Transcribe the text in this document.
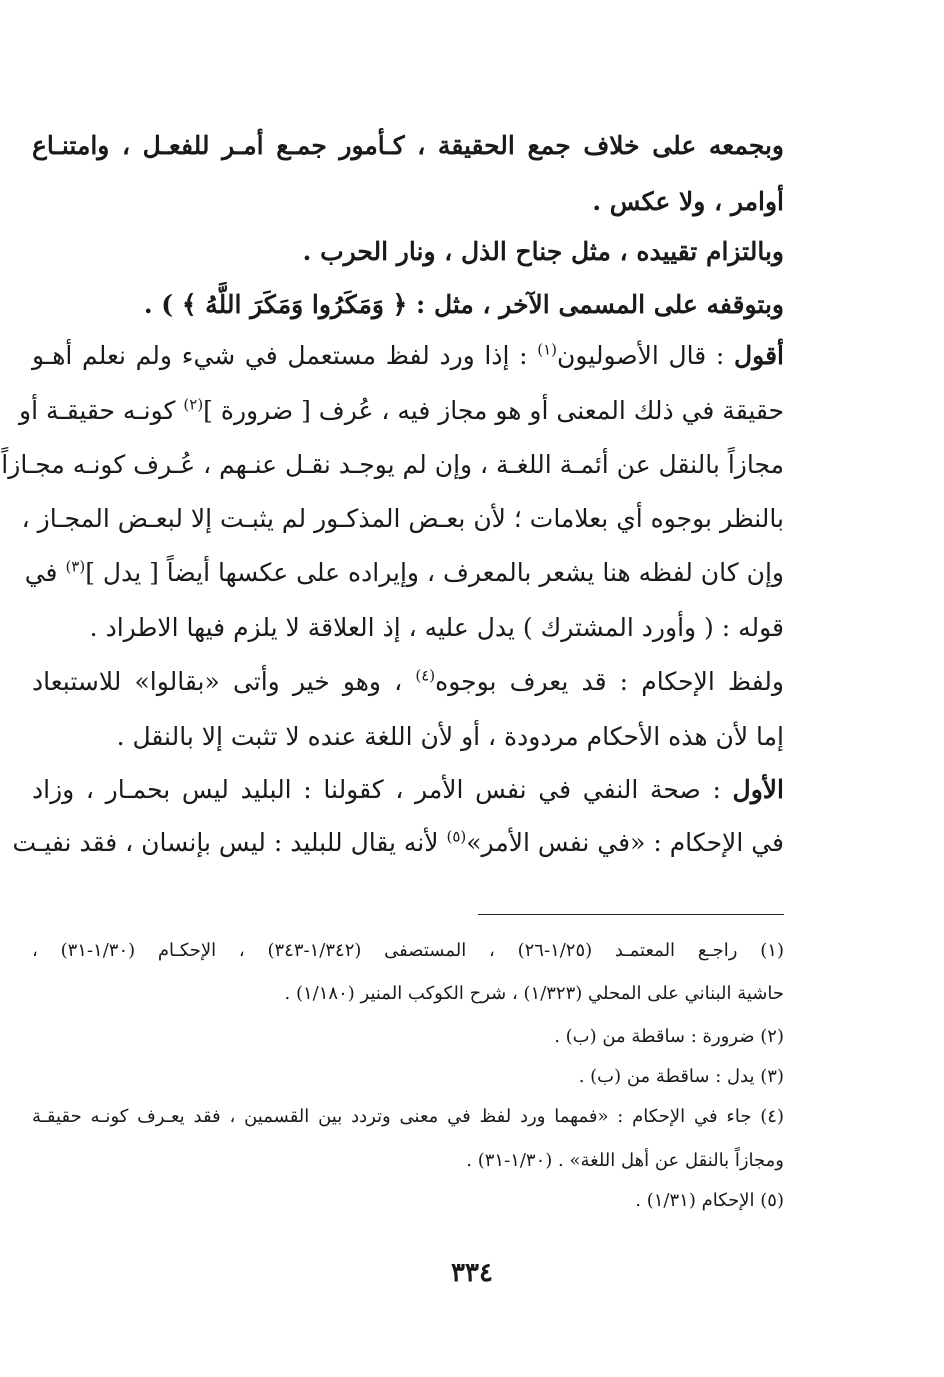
وبجمعه على خلاف جمع الحقيقة ، كـأمور جمـع أمـر للفعـل ، وامتنـاع
أوامر ، ولا عكس .
وبالتزام تقييده ، مثل جناح الذل ، ونار الحرب .
وبتوقفه على المسمى الآخر ، مثل : ﴿ وَمَكَرُوا وَمَكَرَ اللَّهُ ﴾ ) .
أقول : قال الأصوليون$^{(١)}$ : إذا ورد لفظ مستعمل في شيء ولم نعلم أهـو
حقيقة في ذلك المعنى أو هو مجاز فيه ، عُرف [ ضرورة ]$^{(٢)}$ كونـه حقيقـة أو
مجازاً بالنقل عن أئمـة اللغـة ، وإن لم يوجـد نقـل عنـهم ، عُـرف كونـه مجـازاً
بالنظر بوجوه أي بعلامات ؛ لأن بعـض المذكـور لم يثبـت إلا لبعـض المجـاز ،
وإن كان لفظه هنا يشعر بالمعرف ، وإيراده على عكسها أيضاً [ يدل ]$^{(٣)}$ في
قوله : ( وأورد المشترك ) يدل عليه ، إذ العلاقة لا يلزم فيها الاطراد .
ولفظ الإحكام : قد يعرف بوجوه$^{(٤)}$ ، وهو خير وأتى «بقالوا» للاستبعاد
إما لأن هذه الأحكام مردودة ، أو لأن اللغة عنده لا تثبت إلا بالنقل .
الأول : صحة النفي في نفس الأمر ، كقولنا : البليد ليس بحمـار ، وزاد
في الإحكام : «في نفس الأمر»$^{(٥)}$ لأنه يقال للبليد : ليس بإنسان ، فقد نفيـت
(١) راجـع المعتمـد (١/٢٥-٢٦) ، المستصفى (١/٣٤٢-٣٤٣) ، الإحكـام (١/٣٠-٣١) ،
حاشية البناني على المحلي (١/٣٢٣) ، شرح الكوكب المنير (١/١٨٠) .
(٢) ضرورة : ساقطة من (ب) .
(٣) يدل : ساقطة من (ب) .
(٤) جاء في الإحكام : «فمهما ورد لفظ في معنى وتردد بين القسمين ، فقد يعـرف كونـه حقيقـة
ومجازاً بالنقل عن أهل اللغة» . (١/٣٠-٣١) .
(٥) الإحكام (١/٣١) .
٣٣٤
